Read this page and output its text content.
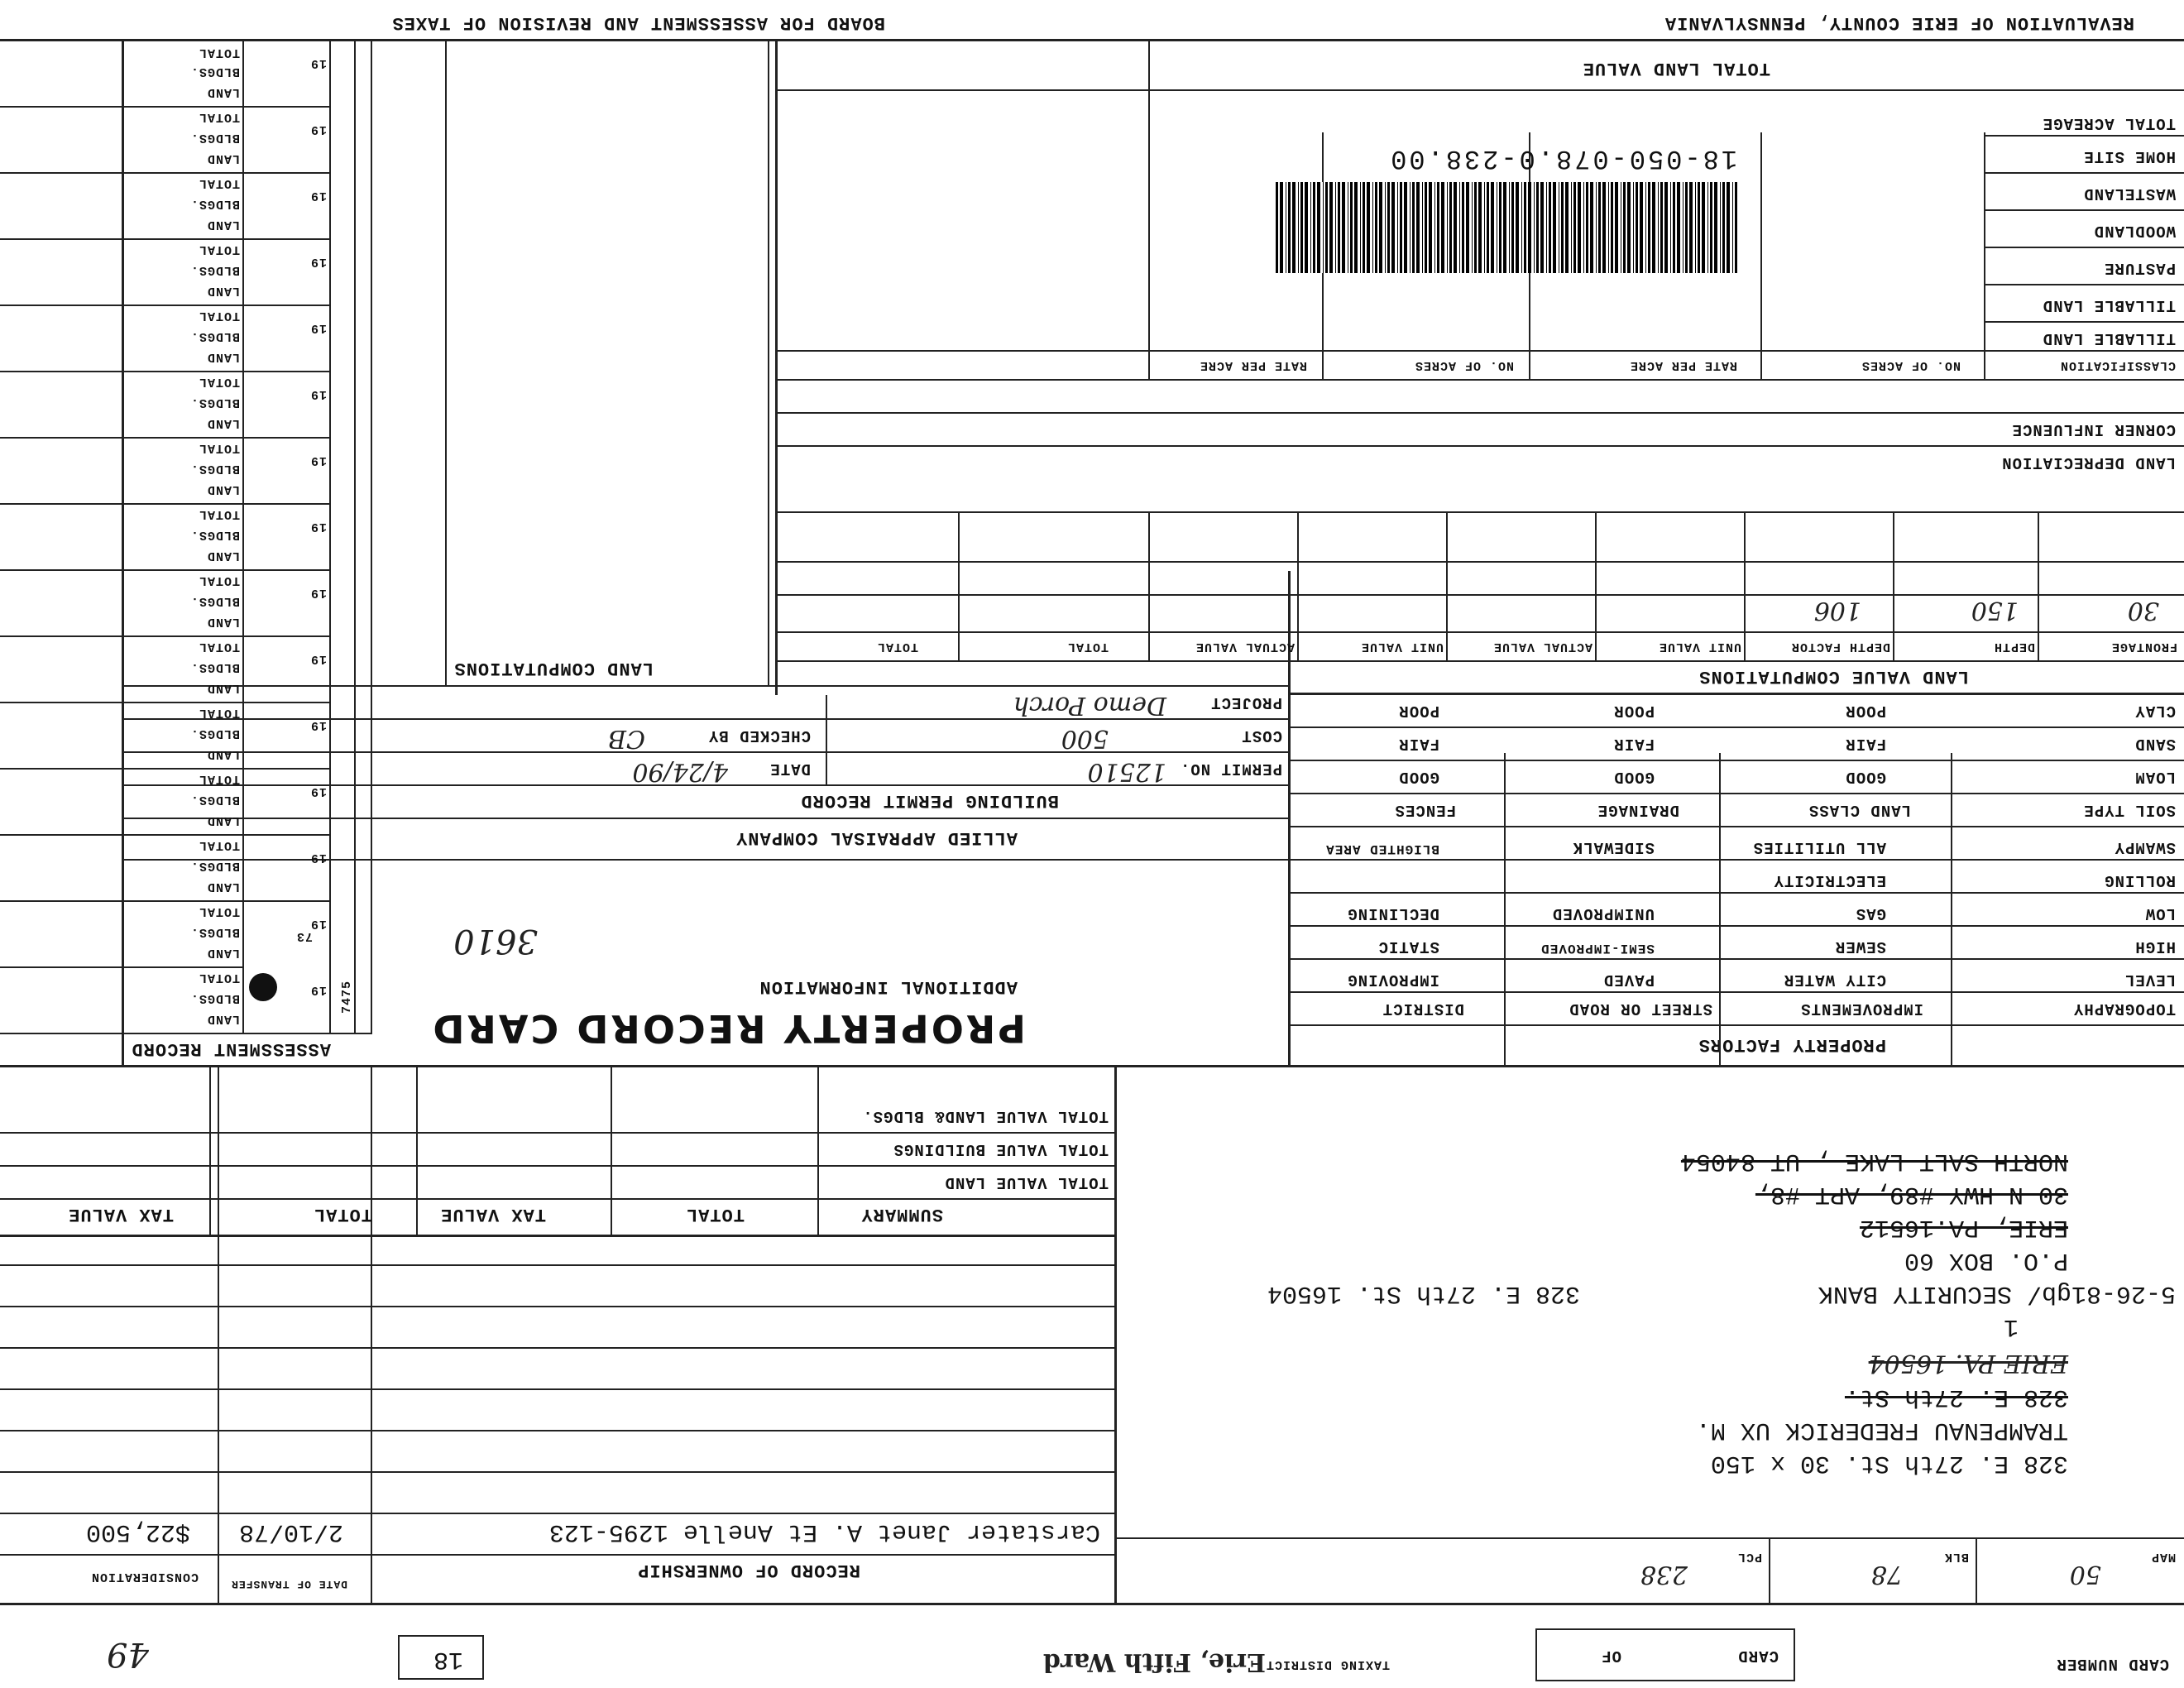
REVALUATION OF ERIE COUNTY, PENNSYLVANIA
BOARD FOR ASSESSMENT AND REVISION OF TAXES
CARD NUMBER
CARD
OF
TAXING DISTRICT
Erie, Fifth Ward
18
49
MAP
50
BLK
78
PCL
238
328 E. 27th St. 30 x 150
TRAMPENAU FREDERICK UX M.
328 E. 27th St.
ERIE PA. 16504
1
5-26-81gb/ SECURITY BANK
P.O. BOX 60
ERIE, PA.16512
30-N HWY #89, APT #8,
NORTH SALT LAKE , UT 84054
328 E. 27th St. 16504
RECORD OF OWNERSHIP
DATE OF TRANSFER
CONSIDERATION
Carstater Janet A. Et Anelle 1295-123
2/10/78
$22,500
SUMMARY
TOTAL
TAX VALUE
TOTAL
TAX VALUE
TOTAL VALUE LAND
TOTAL VALUE BUILDINGS
TOTAL VALUE LAND& BLDGS.
PROPERTY FACTORS
TOPOGRAPHY
IMPROVEMENTS
STREET OR ROAD
DISTRICT
LEVEL
CITY WATER
PAVED
IMPROVING
HIGH
SEWER
SEMI-IMPROVED
STATIC
LOW
GAS
UNIMPROVED
DECLINING
ROLLING
ELECTRICITY
SWAMPY
ALL UTILITIES
SIDEWALK
BLIGHTED AREA
SOIL TYPE
LAND CLASS
DRAINAGE
FENCES
LOAM
GOOD
GOOD
GOOD
SAND
FAIR
FAIR
FAIR
CLAY
POOR
POOR
POOR
LAND VALUE COMPUTATIONS
FRONTAGE
DEPTH
DEPTH FACTOR
UNIT VALUE
ACTUAL VALUE
UNIT VALUE
ACTUAL VALUE
TOTAL
TOTAL
30
150
106
LAND DEPRECIATION
CORNER INFLUENCE
CLASSIFICATION
NO. OF ACRES
RATE PER ACRE
NO. OF ACRES
RATE PER ACRE
TILLABLE LAND
TILLABLE LAND
PASTURE
WOODLAND
WASTELAND
HOME SITE
TOTAL ACREAGE
18-050-078.0-238.00
TOTAL LAND VALUE
PROPERTY RECORD CARD
ADDITIONAL INFORMATION
ALLIED APPRAISAL COMPANY
3610
BUILDING PERMIT RECORD
PERMIT NO.
12510
DATE
4/24/90
COST
500
CHECKED BY
CB
PROJECT
Demo Porch
LAND COMPUTATIONS
ASSESSMENT RECORD
7475
73
LAND
BLDGS.
TOTAL
19
LAND
BLDGS.
TOTAL
19
LAND
BLDGS.
TOTAL
19
LAND
BLDGS.
TOTAL
19
LAND
BLDGS.
TOTAL
19
LAND
BLDGS.
TOTAL
19
LAND
BLDGS.
TOTAL
19
LAND
BLDGS.
TOTAL
19
LAND
BLDGS.
TOTAL
19
LAND
BLDGS.
TOTAL
19
LAND
BLDGS.
TOTAL
19
LAND
BLDGS.
TOTAL
19
LAND
BLDGS.
TOTAL
19
LAND
BLDGS.
TOTAL
19
LAND
BLDGS.
TOTAL
19
